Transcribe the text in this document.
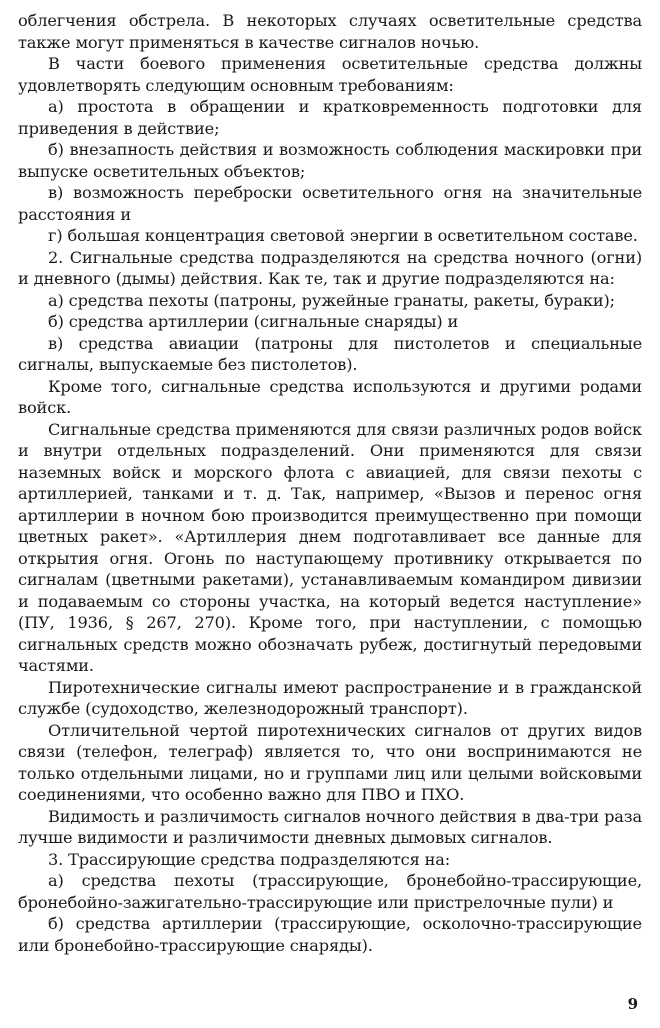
облегчения обстрела. В некоторых случаях осветительные средства также могут применяться в качестве сигналов ночью.

В части боевого применения осветительные средства должны удовлетворять следующим основным требованиям:

а) простота в обращении и кратковременность подготовки для приведения в действие;

б) внезапность действия и возможность соблюдения маскировки при выпуске осветительных объектов;

в) возможность переброски осветительного огня на значительные расстояния и

г) большая концентрация световой энергии в осветительном составе.

2. Сигнальные средства подразделяются на средства ночного (огни) и дневного (дымы) действия. Как те, так и другие подразделяются на:

а) средства пехоты (патроны, ружейные гранаты, ракеты, бураки);

б) средства артиллерии (сигнальные снаряды) и

в) средства авиации (патроны для пистолетов и специальные сигналы, выпускаемые без пистолетов).

Кроме того, сигнальные средства используются и другими родами войск.

Сигнальные средства применяются для связи различных родов войск и внутри отдельных подразделений. Они применяются для связи наземных войск и морского флота с авиацией, для связи пехоты с артиллерией, танками и т. д. Так, например, «Вызов и перенос огня артиллерии в ночном бою производится преимущественно при помощи цветных ракет». «Артиллерия днем подготавливает все данные для открытия огня. Огонь по наступающему противнику открывается по сигналам (цветными ракетами), устанавливаемым командиром дивизии и подаваемым со стороны участка, на который ведется наступление» (ПУ, 1936, § 267, 270). Кроме того, при наступлении, с помощью сигнальных средств можно обозначать рубеж, достигнутый передовыми частями.

Пиротехнические сигналы имеют распространение и в гражданской службе (судоходство, железнодорожный транспорт).

Отличительной чертой пиротехнических сигналов от других видов связи (телефон, телеграф) является то, что они воспринимаются не только отдельными лицами, но и группами лиц или целыми войсковыми соединениями, что особенно важно для ПВО и ПХО.

Видимость и различимость сигналов ночного действия в два-три раза лучше видимости и различимости дневных дымовых сигналов.

3. Трассирующие средства подразделяются на:

а) средства пехоты (трассирующие, бронебойно-трассирующие, бронебойно-зажигательно-трассирующие или пристрелочные пули) и

б) средства артиллерии (трассирующие, осколочно-трассирующие или бронебойно-трассирующие снаряды).

9
